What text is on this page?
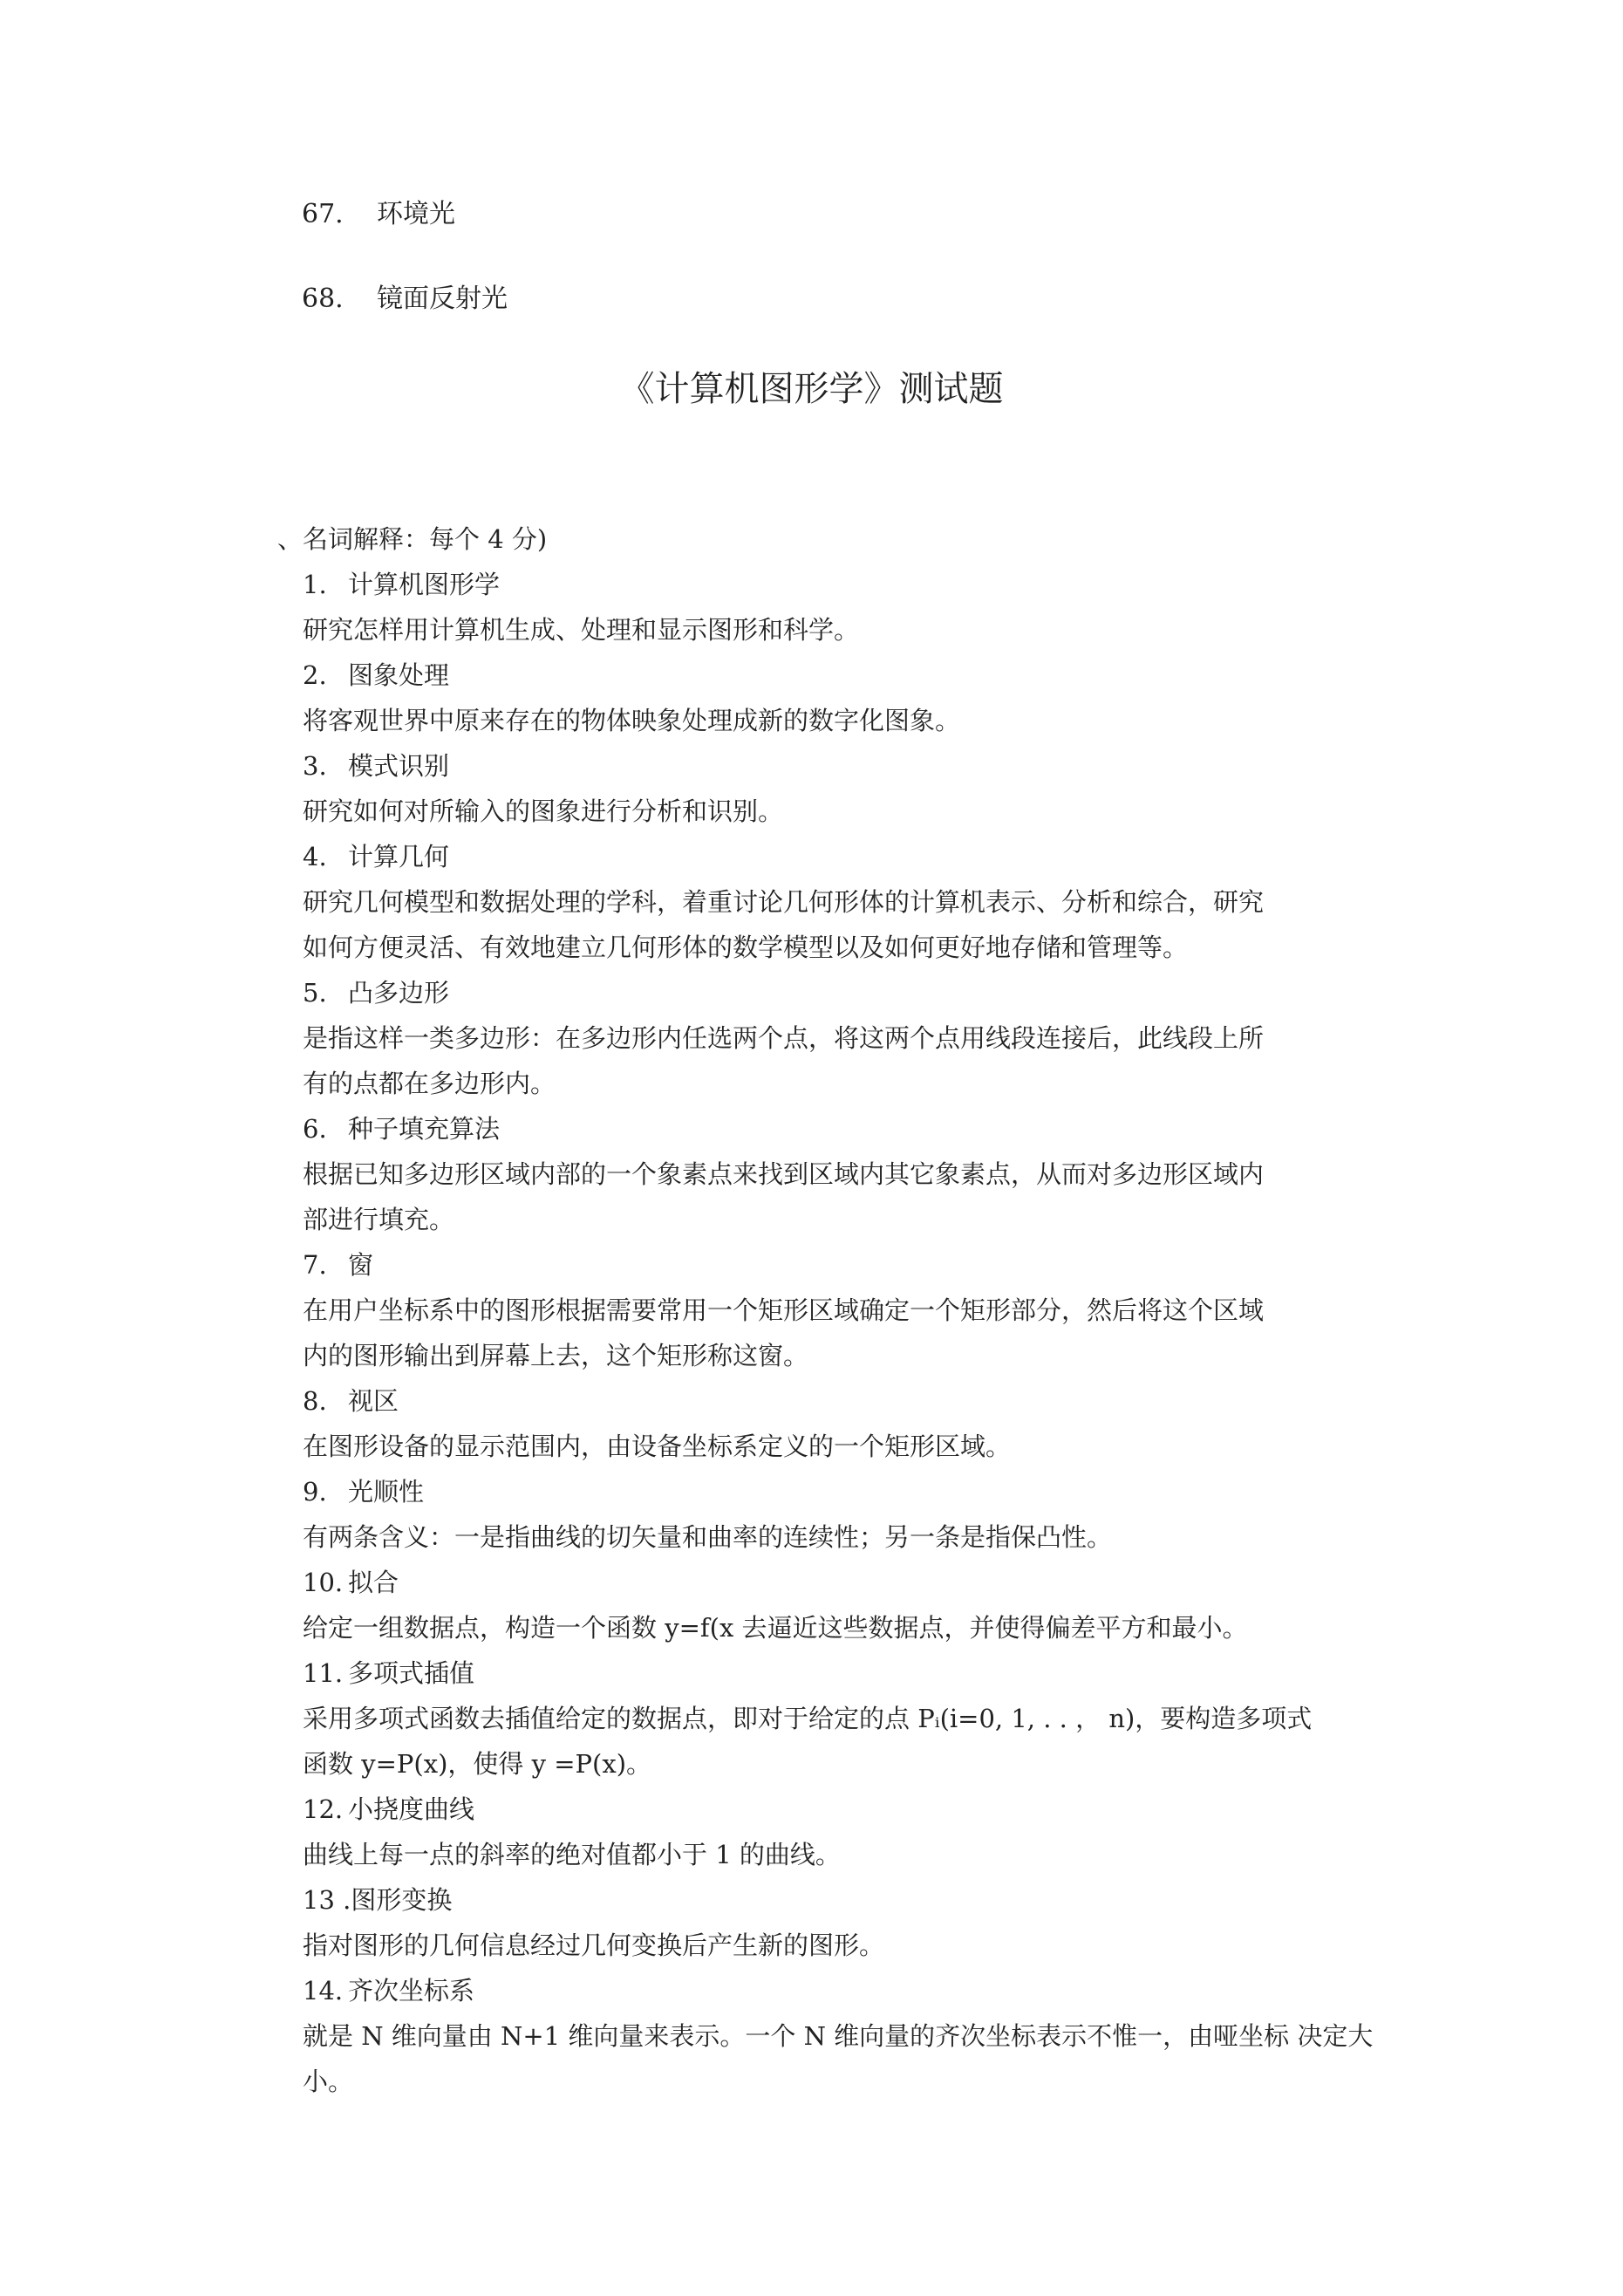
67. 环境光
68. 镜面反射光
《计算机图形学》测试题
、名词解释：每个 4 分)
1. 计算机图形学
研究怎样用计算机生成、处理和显示图形和科学。
2. 图象处理
将客观世界中原来存在的物体映象处理成新的数字化图象。
3. 模式识别
研究如何对所输入的图象进行分析和识别。
4. 计算几何
研究几何模型和数据处理的学科，着重讨论几何形体的计算机表示、分析和综合，研究
如何方便灵活、有效地建立几何形体的数学模型以及如何更好地存储和管理等。
5. 凸多边形
是指这样一类多边形：在多边形内任选两个点，将这两个点用线段连接后，此线段上所
有的点都在多边形内。
6. 种子填充算法
根据已知多边形区域内部的一个象素点来找到区域内其它象素点，从而对多边形区域内
部进行填充。
7. 窗
在用户坐标系中的图形根据需要常用一个矩形区域确定一个矩形部分，然后将这个区域
内的图形输出到屏幕上去，这个矩形称这窗。
8. 视区
在图形设备的显示范围内，由设备坐标系定义的一个矩形区域。
9. 光顺性
有两条含义：一是指曲线的切矢量和曲率的连续性；另一条是指保凸性。
10. 拟合
给定一组数据点，构造一个函数 y=f(x 去逼近这些数据点，并使得偏差平方和最小。
11. 多项式插值
采用多项式函数去插值给定的数据点，即对于给定的点 Pᵢ(i=0, 1, . . ， n)，要构造多项式
函数 y=P(x)，使得 y =P(x)。
12. 小挠度曲线
曲线上每一点的斜率的绝对值都小于 1 的曲线。
13 .图形变换
指对图形的几何信息经过几何变换后产生新的图形。
14. 齐次坐标系
就是 N 维向量由 N+1 维向量来表示。一个 N 维向量的齐次坐标表示不惟一，由哑坐标 决定大
小。
